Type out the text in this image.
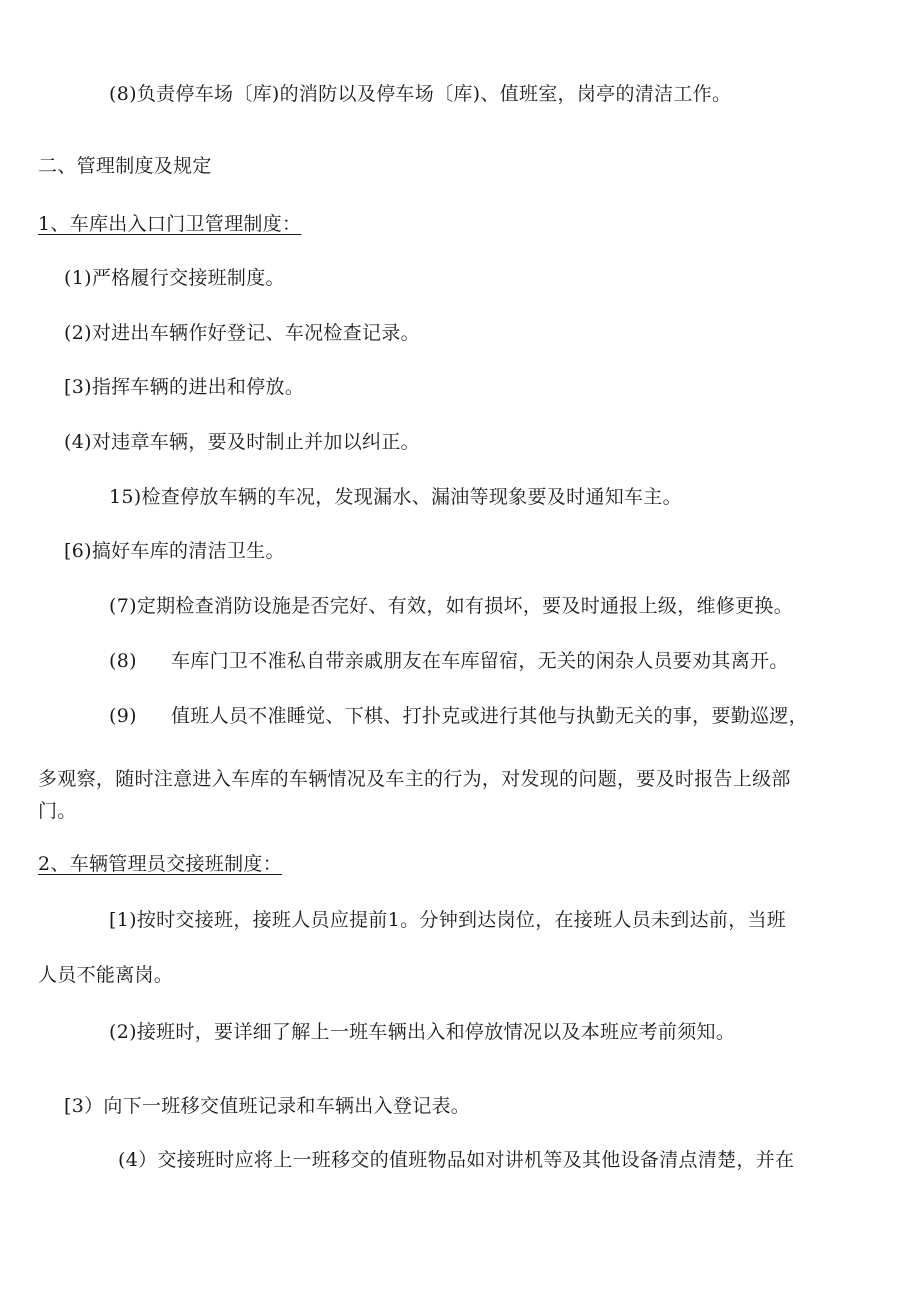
(8)负责停车场〔库)的消防以及停车场〔库)、值班室，岗亭的清洁工作。
二、管理制度及规定
1、车库出入口门卫管理制度：
(1)严格履行交接班制度。
(2)对进出车辆作好登记、车况检查记录。
[3)指挥车辆的进出和停放。
(4)对违章车辆，要及时制止并加以纠正。
15)检查停放车辆的车况，发现漏水、漏油等现象要及时通知车主。
[6)搞好车库的清洁卫生。
(7)定期检查消防设施是否完好、有效，如有损坏，要及时通报上级，维修更换。
(8) 车库门卫不准私自带亲戚朋友在车库留宿，无关的闲杂人员要劝其离开。
(9) 值班人员不准睡觉、下棋、打扑克或进行其他与执勤无关的事，要勤巡逻，
多观察，随时注意进入车库的车辆情况及车主的行为，对发现的问题，要及时报告上级部
门。
2、车辆管理员交接班制度：
[1)按时交接班，接班人员应提前1。分钟到达岗位，在接班人员未到达前，当班
人员不能离岗。
(2)接班时，要详细了解上一班车辆出入和停放情况以及本班应考前须知。
[3）向下一班移交值班记录和车辆出入登记表。
(4）交接班时应将上一班移交的值班物品如对讲机等及其他设备清点清楚，并在
